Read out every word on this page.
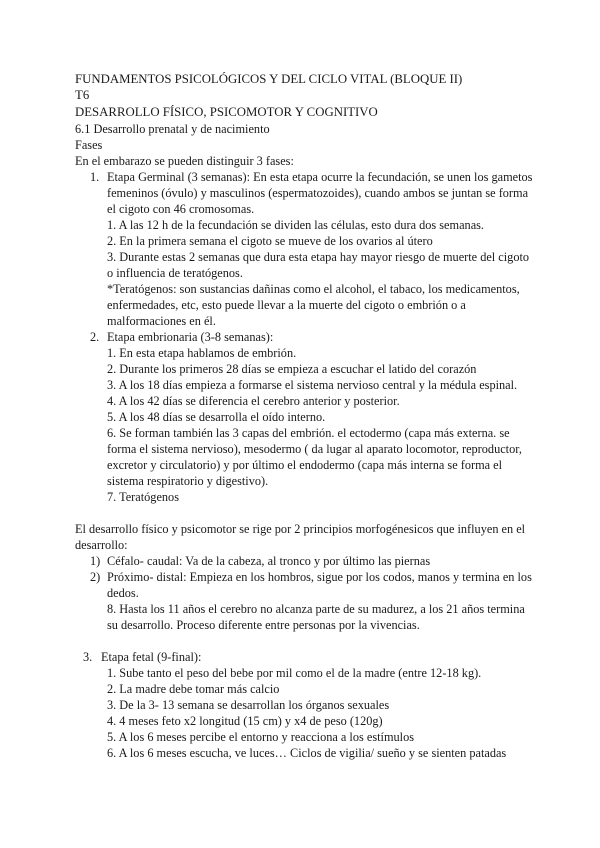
FUNDAMENTOS PSICOLÓGICOS Y DEL CICLO VITAL (BLOQUE II)
T6
DESARROLLO FÍSICO, PSICOMOTOR Y COGNITIVO
6.1 Desarrollo prenatal y de nacimiento
Fases
En el embarazo se pueden distinguir 3 fases:
1. Etapa Germinal (3 semanas): En esta etapa ocurre la fecundación, se unen los gametos
femeninos (óvulo) y masculinos (espermatozoides), cuando ambos se juntan se forma
el cigoto con 46 cromosomas.
1. A las 12 h de la fecundación se dividen las células, esto dura dos semanas.
2. En la primera semana el cigoto se mueve de los ovarios al útero
3. Durante estas 2 semanas que dura esta etapa hay mayor riesgo de muerte del cigoto
o influencia de teratógenos.
*Teratógenos: son sustancias dañinas como el alcohol, el tabaco, los medicamentos,
enfermedades, etc, esto puede llevar a la muerte del cigoto o embrión o a
malformaciones en él.
2. Etapa embrionaria (3-8 semanas):
1. En esta etapa hablamos de embrión.
2. Durante los primeros 28 días se empieza a escuchar el latido del corazón
3. A los 18 días empieza a formarse el sistema nervioso central y la médula espinal.
4. A los 42 días se diferencia el cerebro anterior y posterior.
5. A los 48 días se desarrolla el oído interno.
6. Se forman también las 3 capas del embrión. el ectodermo (capa más externa. se
forma el sistema nervioso), mesodermo ( da lugar al aparato locomotor, reproductor,
excretor y circulatorio) y por último el endodermo (capa más interna se forma el
sistema respiratorio y digestivo).
7. Teratógenos
El desarrollo físico y psicomotor se rige por 2 principios morfogénesicos que influyen en el
desarrollo:
1) Céfalo- caudal: Va de la cabeza, al tronco y por último las piernas
2) Próximo- distal: Empieza en los hombros, sigue por los codos, manos y termina en los
dedos.
8. Hasta los 11 años el cerebro no alcanza parte de su madurez, a los 21 años termina
su desarrollo. Proceso diferente entre personas por la vivencias.
3. Etapa fetal (9-final):
1. Sube tanto el peso del bebe por mil como el de la madre (entre 12-18 kg).
2. La madre debe tomar más calcio
3. De la 3- 13 semana se desarrollan los órganos sexuales
4. 4 meses feto x2 longitud (15 cm) y x4 de peso (120g)
5. A los 6 meses percibe el entorno y reacciona a los estímulos
6. A los 6 meses escucha, ve luces… Ciclos de vigilia/ sueño y se sienten patadas
